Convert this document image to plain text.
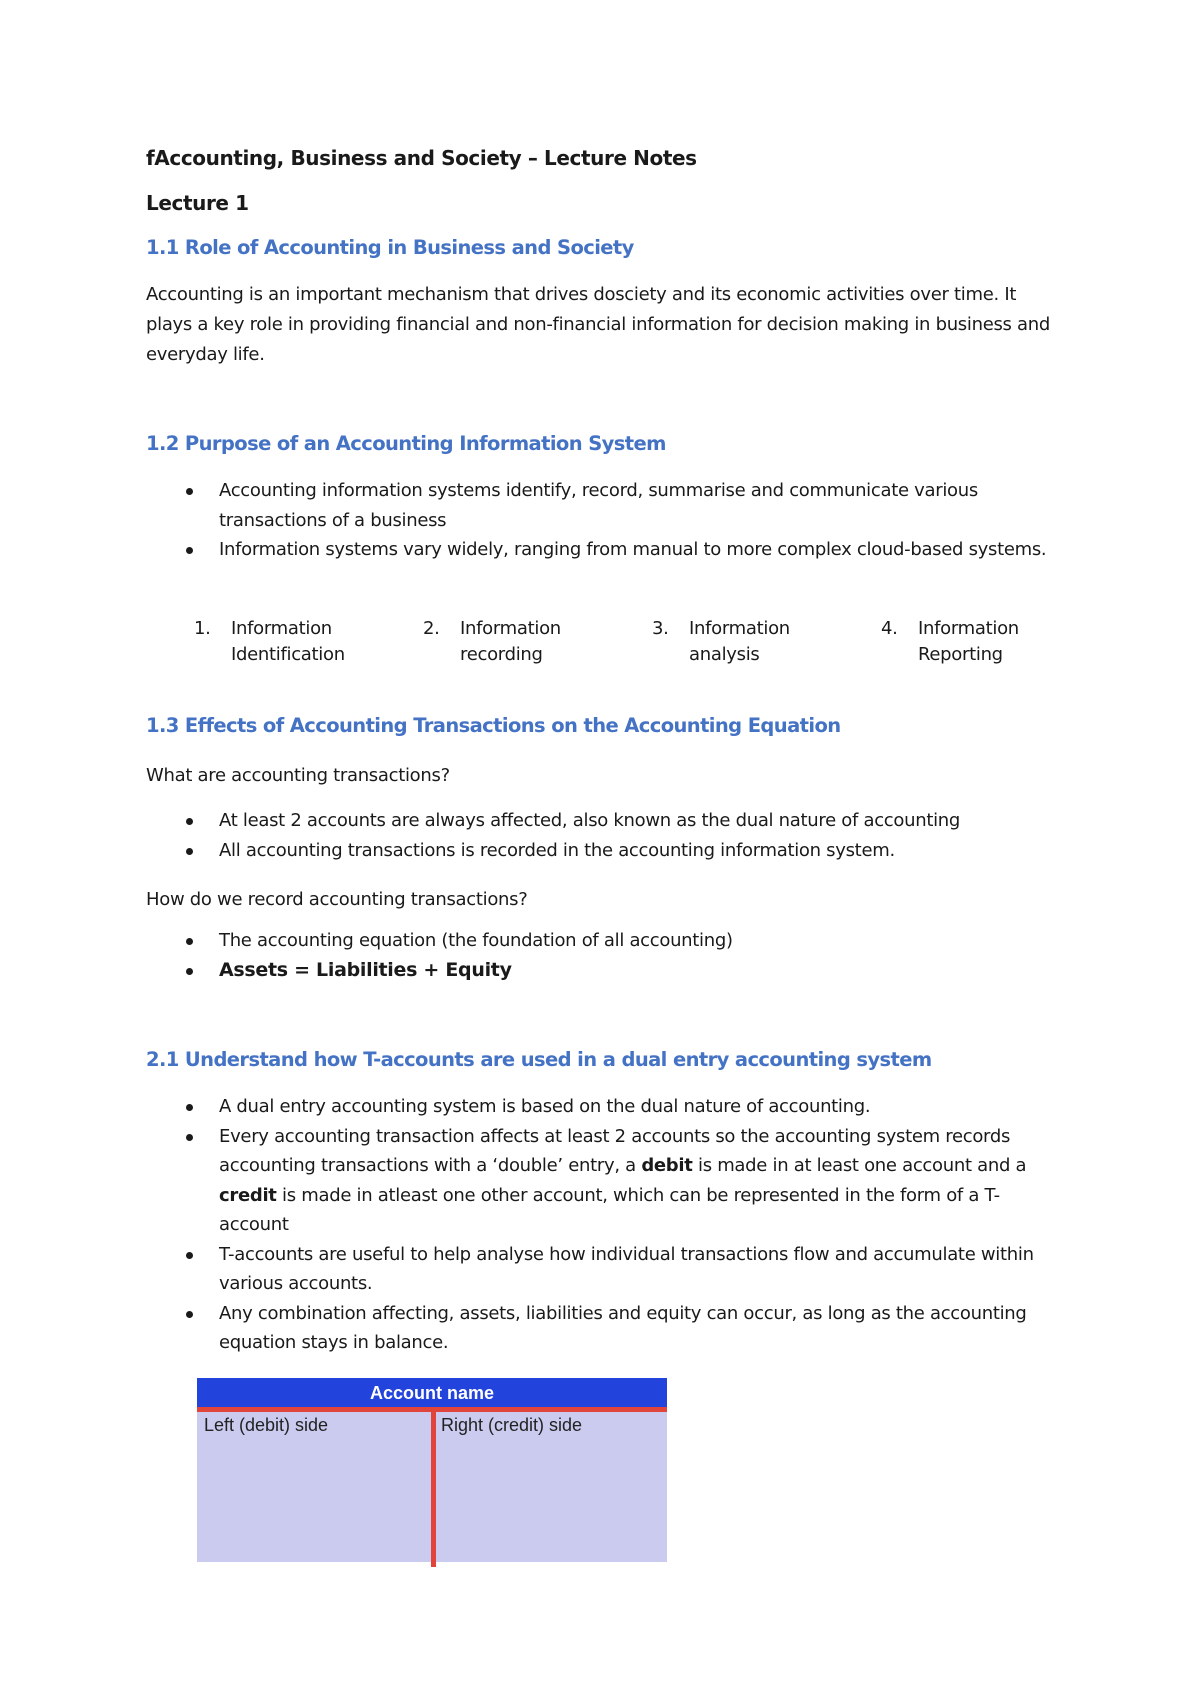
fAccounting, Business and Society – Lecture Notes
Lecture 1
1.1 Role of Accounting in Business and Society
Accounting is an important mechanism that drives dosciety and its economic activities over time. It plays a key role in providing financial and non-financial information for decision making in business and everyday life.
1.2 Purpose of an Accounting Information System
Accounting information systems identify, record, summarise and communicate various transactions of a business
Information systems vary widely, ranging from manual to more complex cloud-based systems.
1. Information Identification
2. Information recording
3. Information analysis
4. Information Reporting
1.3 Effects of Accounting Transactions on the Accounting Equation
What are accounting transactions?
At least 2 accounts are always affected, also known as the dual nature of accounting
All accounting transactions is recorded in the accounting information system.
How do we record accounting transactions?
The accounting equation (the foundation of all accounting)
Assets = Liabilities + Equity
2.1 Understand how T-accounts are used in a dual entry accounting system
A dual entry accounting system is based on the dual nature of accounting.
Every accounting transaction affects at least 2 accounts so the accounting system records accounting transactions with a ‘double’ entry, a debit is made in at least one account and a credit is made in atleast one other account, which can be represented in the form of a T-account
T-accounts are useful to help analyse how individual transactions flow and accumulate within various accounts.
Any combination affecting, assets, liabilities and equity can occur, as long as the accounting equation stays in balance.
Account name
Left (debit) side	Right (credit) side
